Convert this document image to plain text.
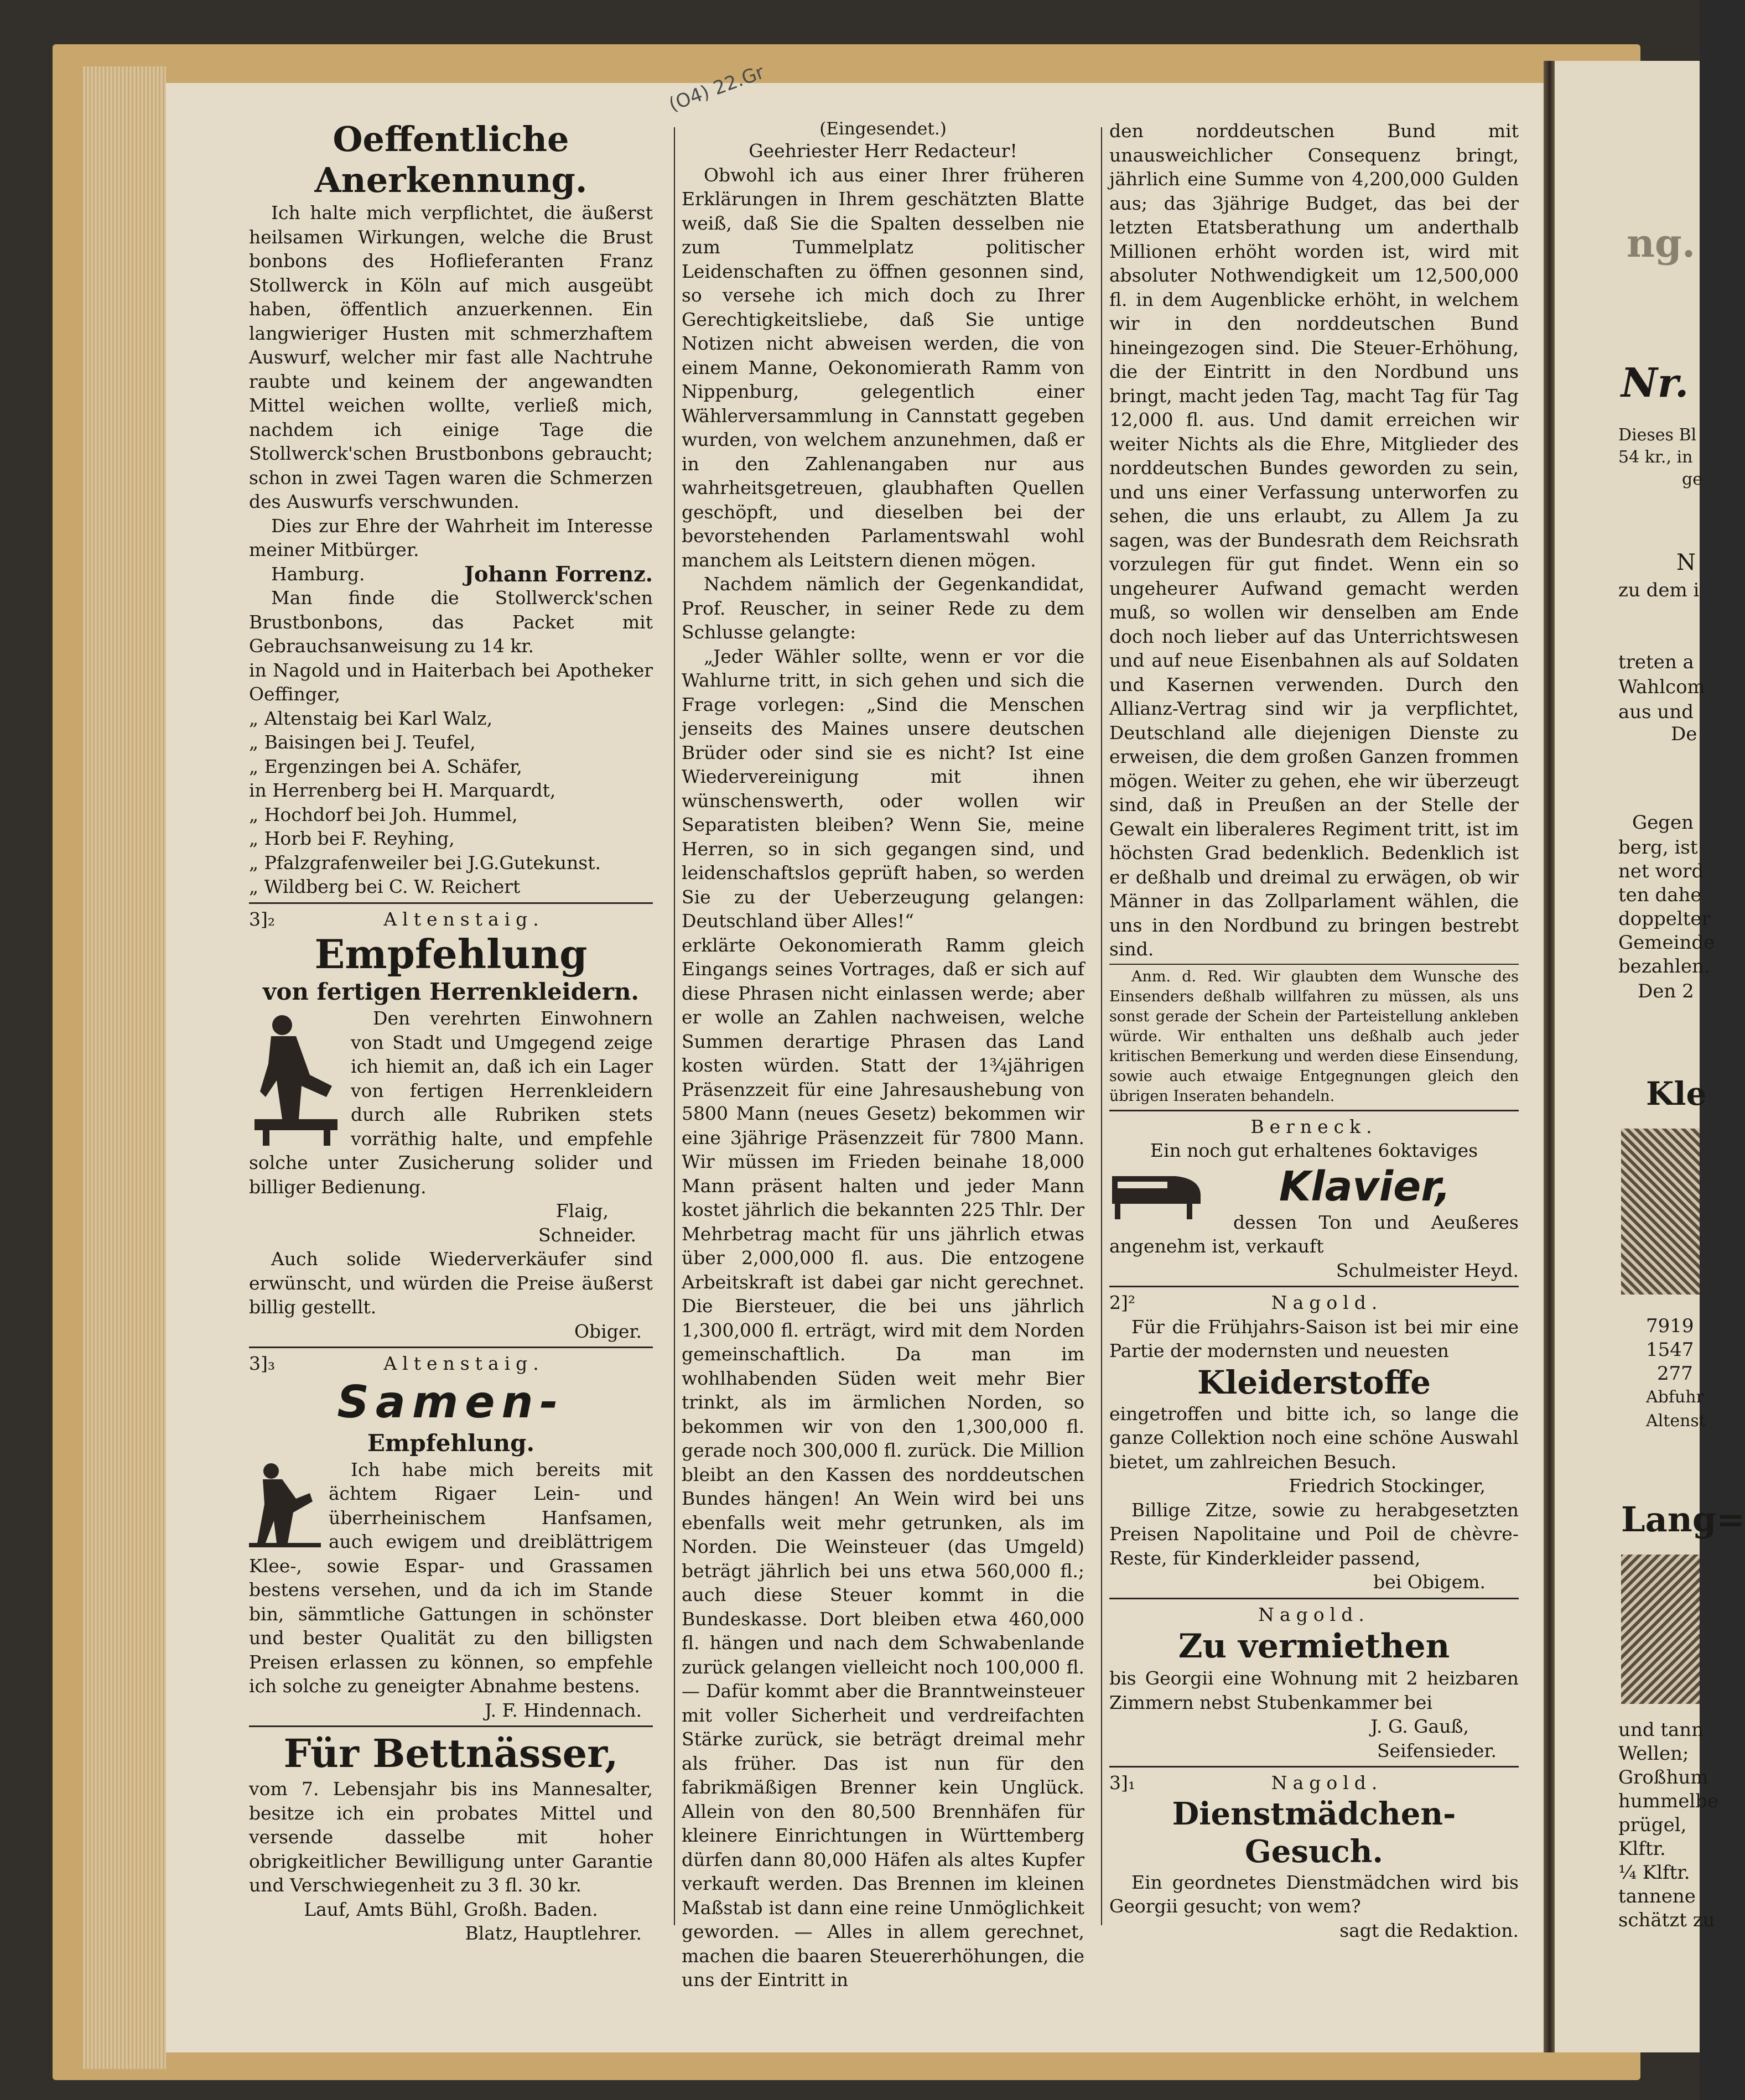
(O4) 22.Gr
Oeffentliche Anerkennung.

Ich halte mich verpflichtet, die äußerst heilsamen Wirkungen, welche die Brust bonbons des Hoflieferanten Franz Stollwerck in Köln auf mich ausgeübt haben, öffentlich anzuerkennen. Ein langwieriger Husten mit schmerzhaftem Auswurf, welcher mir fast alle Nachtruhe raubte und keinem der angewandten Mittel weichen wollte, verließ mich, nachdem ich einige Tage die Stollwerck'schen Brustbonbons gebraucht; schon in zwei Tagen waren die Schmerzen des Auswurfs verschwunden.

Dies zur Ehre der Wahrheit im Interesse meiner Mitbürger.

Hamburg.	Johann Forrenz.

Man finde die Stollwerck'schen Brustbonbons, das Packet mit Gebrauchsanweisung zu 14 kr.

in Nagold und in Haiterbach bei Apotheker Oeffinger,
„ Altenstaig bei Karl Walz,
„ Baisingen bei J. Teufel,
„ Ergenzingen bei A. Schäfer,
in Herrenberg bei H. Marquardt,
„ Hochdorf bei Joh. Hummel,
„ Horb bei F. Reyhing,
„ Pfalzgrafenweiler bei J.G.Gutekunst.
„ Wildberg bei C. W. Reichert
3]₂	Altenstaig.
Empfehlung
von fertigen Herrenkleidern.

Den verehrten Einwohnern von Stadt und Umgegend zeige ich hiemit an, daß ich ein Lager von fertigen Herrenkleidern durch alle Rubriken stets vorräthig halte, und empfehle solche unter Zusicherung solider und billiger Bedienung.

Flaig,
Schneider.

Auch solide Wiederverkäufer sind erwünscht, und würden die Preise äußerst billig gestellt.

Obiger.
3]₃	Altenstaig.
Samen-
Empfehlung.

Ich habe mich bereits mit ächtem Rigaer Lein- und überrheinischem Hanfsamen, auch ewigem und dreiblättrigem Klee-, sowie Espar- und Grassamen bestens versehen, und da ich im Stande bin, sämmtliche Gattungen in schönster und bester Qualität zu den billigsten Preisen erlassen zu können, so empfehle ich solche zu geneigter Abnahme bestens.

J. F. Hindennach.
Für Bettnässer,

vom 7. Lebensjahr bis ins Mannesalter, besitze ich ein probates Mittel und versende dasselbe mit hoher obrigkeitlicher Bewilligung unter Garantie und Verschwiegenheit zu 3 fl. 30 kr.

Lauf, Amts Bühl, Großh. Baden.
Blatz, Hauptlehrer.
(Eingesendet.)
Geehriester Herr Redacteur!

Obwohl ich aus einer Ihrer früheren Erklärungen in Ihrem geschätzten Blatte weiß, daß Sie die Spalten desselben nie zum Tummelplatz politischer Leidenschaften zu öffnen gesonnen sind, so versehe ich mich doch zu Ihrer Gerechtigkeitsliebe, daß Sie untige Notizen nicht abweisen werden, die von einem Manne, Oekonomierath Ramm von Nippenburg, gelegentlich einer Wählerversammlung in Cannstatt gegeben wurden, von welchem anzunehmen, daß er in den Zahlenangaben nur aus wahrheitsgetreuen, glaubhaften Quellen geschöpft, und dieselben bei der bevorstehenden Parlamentswahl wohl manchem als Leitstern dienen mögen.

Nachdem nämlich der Gegenkandidat, Prof. Reuscher, in seiner Rede zu dem Schlusse gelangte:

„Jeder Wähler sollte, wenn er vor die Wahlurne tritt, in sich gehen und sich die Frage vorlegen: „Sind die Menschen jenseits des Maines unsere deutschen Brüder oder sind sie es nicht? Ist eine Wiedervereinigung mit ihnen wünschenswerth, oder wollen wir Separatisten bleiben? Wenn Sie, meine Herren, so in sich gegangen sind, und leidenschaftslos geprüft haben, so werden Sie zu der Ueberzeugung gelangen: Deutschland über Alles!“

erklärte Oekonomierath Ramm gleich Eingangs seines Vortrages, daß er sich auf diese Phrasen nicht einlassen werde; aber er wolle an Zahlen nachweisen, welche Summen derartige Phrasen das Land kosten würden. Statt der 1¾jährigen Präsenzzeit für eine Jahresaushebung von 5800 Mann (neues Gesetz) bekommen wir eine 3jährige Präsenzzeit für 7800 Mann. Wir müssen im Frieden beinahe 18,000 Mann präsent halten und jeder Mann kostet jährlich die bekannten 225 Thlr. Der Mehrbetrag macht für uns jährlich etwas über 2,000,000 fl. aus. Die entzogene Arbeitskraft ist dabei gar nicht gerechnet. Die Biersteuer, die bei uns jährlich 1,300,000 fl. erträgt, wird mit dem Norden gemeinschaftlich. Da man im wohlhabenden Süden weit mehr Bier trinkt, als im ärmlichen Norden, so bekommen wir von den 1,300,000 fl. gerade noch 300,000 fl. zurück. Die Million bleibt an den Kassen des norddeutschen Bundes hängen! An Wein wird bei uns ebenfalls weit mehr getrunken, als im Norden. Die Weinsteuer (das Umgeld) beträgt jährlich bei uns etwa 560,000 fl.; auch diese Steuer kommt in die Bundeskasse. Dort bleiben etwa 460,000 fl. hängen und nach dem Schwabenlande zurück gelangen vielleicht noch 100,000 fl. — Dafür kommt aber die Branntweinsteuer mit voller Sicherheit und verdreifachten Stärke zurück, sie beträgt dreimal mehr als früher. Das ist nun für den fabrikmäßigen Brenner kein Unglück. Allein von den 80,500 Brennhäfen für kleinere Einrichtungen in Württemberg dürfen dann 80,000 Häfen als altes Kupfer verkauft werden. Das Brennen im kleinen Maßstab ist dann eine reine Unmöglichkeit geworden. — Alles in allem gerechnet, machen die baaren Steuererhöhungen, die uns der Eintritt in

den norddeutschen Bund mit unausweichlicher Consequenz bringt, jährlich eine Summe von 4,200,000 Gulden aus; das 3jährige Budget, das bei der letzten Etatsberathung um anderthalb Millionen erhöht worden ist, wird mit absoluter Nothwendigkeit um 12,500,000 fl. in dem Augenblicke erhöht, in welchem wir in den norddeutschen Bund hineingezogen sind. Die Steuer-Erhöhung, die der Eintritt in den Nordbund uns bringt, macht jeden Tag, macht Tag für Tag 12,000 fl. aus. Und damit erreichen wir weiter Nichts als die Ehre, Mitglieder des norddeutschen Bundes geworden zu sein, und uns einer Verfassung unterworfen zu sehen, die uns erlaubt, zu Allem Ja zu sagen, was der Bundesrath dem Reichsrath vorzulegen für gut findet. Wenn ein so ungeheurer Aufwand gemacht werden muß, so wollen wir denselben am Ende doch noch lieber auf das Unterrichtswesen und auf neue Eisenbahnen als auf Soldaten und Kasernen verwenden. Durch den Allianz-Vertrag sind wir ja verpflichtet, Deutschland alle diejenigen Dienste zu erweisen, die dem großen Ganzen frommen mögen. Weiter zu gehen, ehe wir überzeugt sind, daß in Preußen an der Stelle der Gewalt ein liberaleres Regiment tritt, ist im höchsten Grad bedenklich. Bedenklich ist er deßhalb und dreimal zu erwägen, ob wir Männer in das Zollparlament wählen, die uns in den Nordbund zu bringen bestrebt sind.

Anm. d. Red. Wir glaubten dem Wunsche des Einsenders deßhalb willfahren zu müssen, als uns sonst gerade der Schein der Parteistellung ankleben würde. Wir enthalten uns deßhalb auch jeder kritischen Bemerkung und werden diese Einsendung, sowie auch etwaige Entgegnungen gleich den übrigen Inseraten behandeln.

Berneck.
Ein noch gut erhaltenes 6oktaviges
Klavier,

dessen Ton und Aeußeres angenehm ist, verkauft

Schulmeister Heyd.
2]²	Nagold.

Für die Frühjahrs-Saison ist bei mir eine Partie der modernsten und neuesten

Kleiderstoffe

eingetroffen und bitte ich, so lange die ganze Collektion noch eine schöne Auswahl bietet, um zahlreichen Besuch.

Friedrich Stockinger,

Billige Zitze, sowie zu herabgesetzten Preisen Napolitaine und Poil de chèvre-Reste, für Kinderkleider passend,

bei Obigem.
Nagold.
Zu vermiethen

bis Georgii eine Wohnung mit 2 heizbaren Zimmern nebst Stubenkammer bei

J. G. Gauß,
Seifensieder.
3]₁	Nagold.
Dienstmädchen-Gesuch.

Ein geordnetes Dienstmädchen wird bis Georgii gesucht; von wem?

sagt die Redaktion.
ng.
Nr.
Dieses Bl
54 kr., in
ge
N
zu dem i
treten a
Wahlcom
aus und
De
Gegen
berg, ist
net word
ten dahe
doppelter
Gemeinde
bezahlen.
Den 2
Kle
7919
1547
277
Abfuhr
Altenst
Lang=
und tann
Wellen;
Großhum
hummelbe
prügel,
Klftr.
¼ Klftr.
tannene
schätzt zu
